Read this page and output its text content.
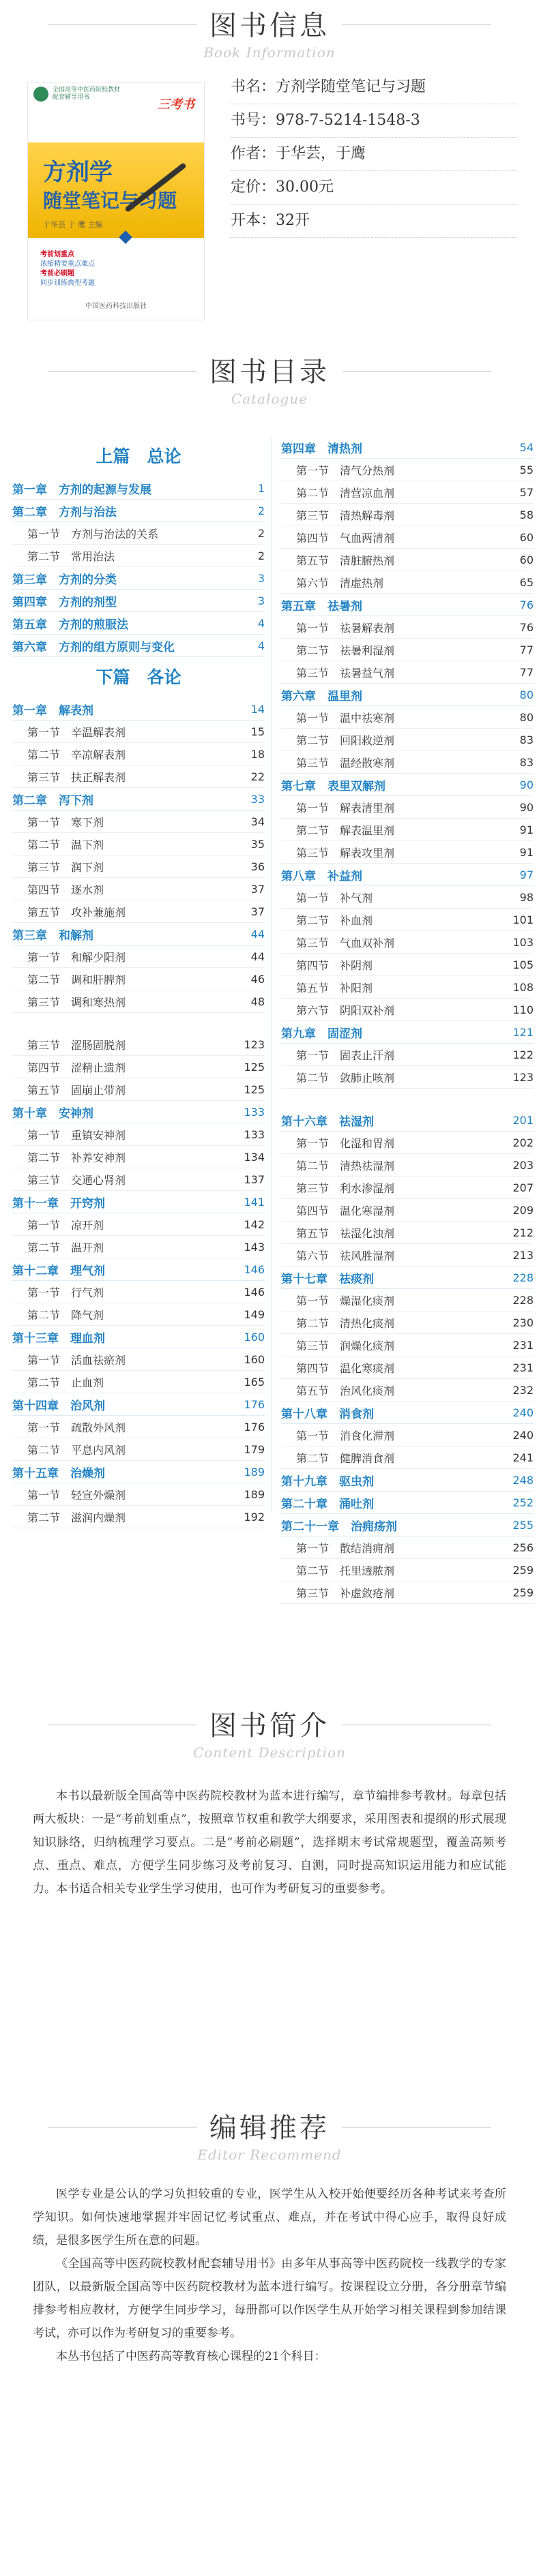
图书信息
Book Information
全国高等中医药院校教材
配套辅导用书	三考书
方剂学
随堂笔记与习题
于华芸 于 鹰 主编
考前划重点
浓缩精要重点难点
考前必刷题
同步训练典型考题
中国医药科技出版社
书名：方剂学随堂笔记与习题
书号：978-7-5214-1548-3
作者：于华芸，于鹰
定价：30.00元
开本：32开
图书目录
Catalogue
上篇　总论
第一章　方剂的起源与发展	1
第二章　方剂与治法	2
第一节　方剂与治法的关系	2
第二节　常用治法	2
第三章　方剂的分类	3
第四章　方剂的剂型	3
第五章　方剂的煎服法	4
第六章　方剂的组方原则与变化	4
下篇　各论
第一章　解表剂	14
第一节　辛温解表剂	15
第二节　辛凉解表剂	18
第三节　扶正解表剂	22
第二章　泻下剂	33
第一节　寒下剂	34
第二节　温下剂	35
第三节　润下剂	36
第四节　逐水剂	37
第五节　攻补兼施剂	37
第三章　和解剂	44
第一节　和解少阳剂	44
第二节　调和肝脾剂	46
第三节　调和寒热剂	48
第三节　涩肠固脱剂	123
第四节　涩精止遗剂	125
第五节　固崩止带剂	125
第十章　安神剂	133
第一节　重镇安神剂	133
第二节　补养安神剂	134
第三节　交通心肾剂	137
第十一章　开窍剂	141
第一节　凉开剂	142
第二节　温开剂	143
第十二章　理气剂	146
第一节　行气剂	146
第二节　降气剂	149
第十三章　理血剂	160
第一节　活血祛瘀剂	160
第二节　止血剂	165
第十四章　治风剂	176
第一节　疏散外风剂	176
第二节　平息内风剂	179
第十五章　治燥剂	189
第一节　轻宣外燥剂	189
第二节　滋润内燥剂	192
第四章　清热剂	54
第一节　清气分热剂	55
第二节　清营凉血剂	57
第三节　清热解毒剂	58
第四节　气血两清剂	60
第五节　清脏腑热剂	60
第六节　清虚热剂	65
第五章　祛暑剂	76
第一节　祛暑解表剂	76
第二节　祛暑利湿剂	77
第三节　祛暑益气剂	77
第六章　温里剂	80
第一节　温中祛寒剂	80
第二节　回阳救逆剂	83
第三节　温经散寒剂	83
第七章　表里双解剂	90
第一节　解表清里剂	90
第二节　解表温里剂	91
第三节　解表攻里剂	91
第八章　补益剂	97
第一节　补气剂	98
第二节　补血剂	101
第三节　气血双补剂	103
第四节　补阴剂	105
第五节　补阳剂	108
第六节　阴阳双补剂	110
第九章　固涩剂	121
第一节　固表止汗剂	122
第二节　敛肺止咳剂	123
第十六章　祛湿剂	201
第一节　化湿和胃剂	202
第二节　清热祛湿剂	203
第三节　利水渗湿剂	207
第四节　温化寒湿剂	209
第五节　祛湿化浊剂	212
第六节　祛风胜湿剂	213
第十七章　祛痰剂	228
第一节　燥湿化痰剂	228
第二节　清热化痰剂	230
第三节　润燥化痰剂	231
第四节　温化寒痰剂	231
第五节　治风化痰剂	232
第十八章　消食剂	240
第一节　消食化滞剂	240
第二节　健脾消食剂	241
第十九章　驱虫剂	248
第二十章　涌吐剂	252
第二十一章　治痈疡剂	255
第一节　散结消痈剂	256
第二节　托里透脓剂	259
第三节　补虚敛疮剂	259
图书简介
Content Description

本书以最新版全国高等中医药院校教材为蓝本进行编写，章节编排参考教材。每章包括两大板块：一是“考前划重点”，按照章节权重和教学大纲要求，采用图表和提纲的形式展现知识脉络，归纳梳理学习要点。二是“考前必刷题”，选择期末考试常规题型，覆盖高频考点、重点、难点，方便学生同步练习及考前复习、自测，同时提高知识运用能力和应试能力。本书适合相关专业学生学习使用，也可作为考研复习的重要参考。

编辑推荐
Editor Recommend

医学专业是公认的学习负担较重的专业，医学生从入校开始便要经历各种考试来考查所学知识。如何快速地掌握并牢固记忆考试重点、难点，并在考试中得心应手，取得良好成绩，是很多医学生所在意的问题。

《全国高等中医药院校教材配套辅导用书》由多年从事高等中医药院校一线教学的专家团队，以最新版全国高等中医药院校教材为蓝本进行编写。按课程设立分册，各分册章节编排参考相应教材，方便学生同步学习，每册都可以作医学生从开始学习相关课程到参加结课考试，亦可以作为考研复习的重要参考。

本丛书包括了中医药高等教育核心课程的21个科目：
